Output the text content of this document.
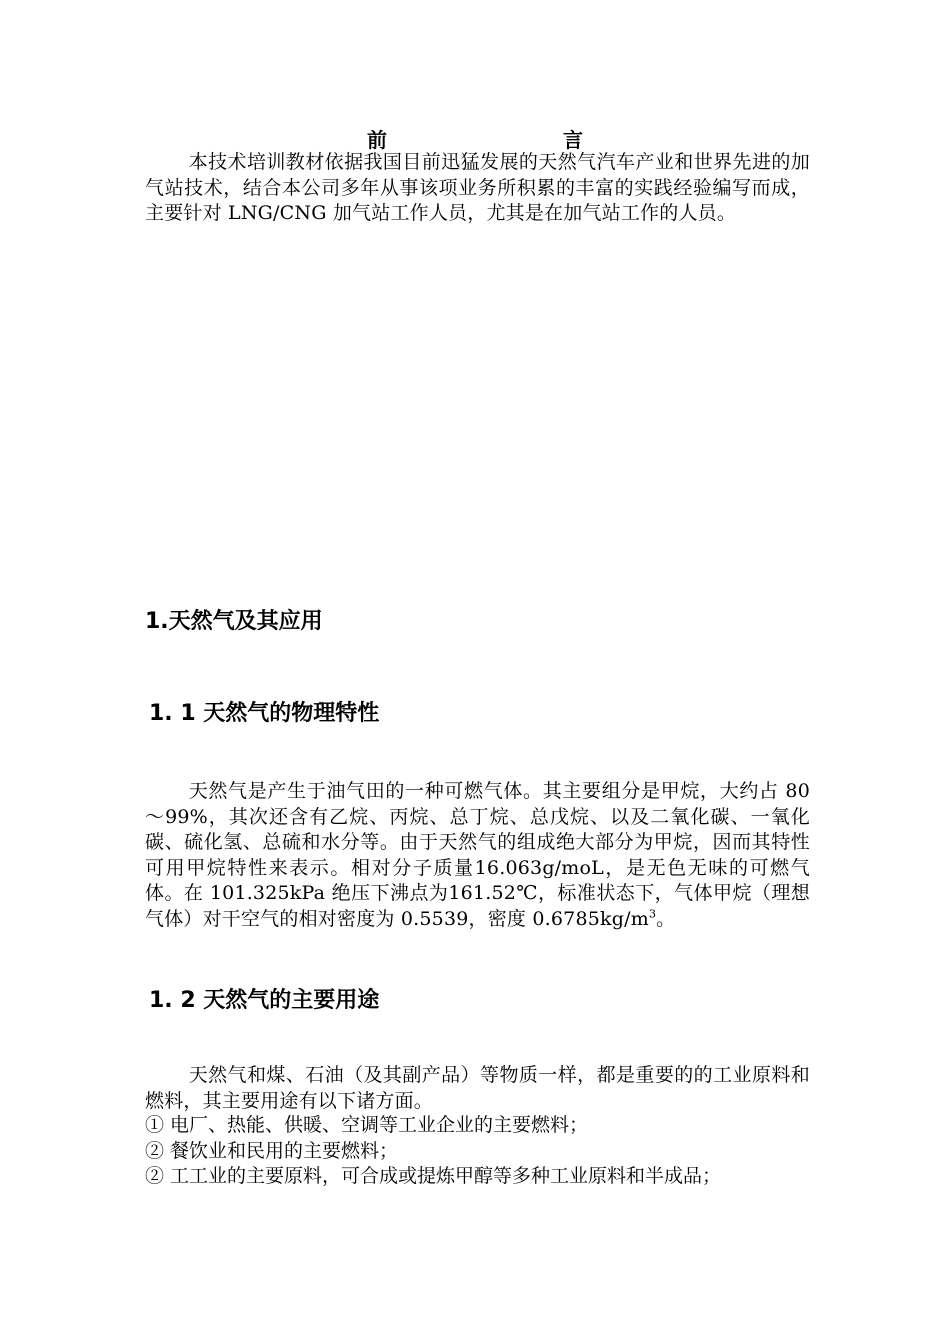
前	言

本技术培训教材依据我国目前迅猛发展的天然气汽车产业和世界先进的加气站技术，结合本公司多年从事该项业务所积累的丰富的实践经验编写而成，主要针对 LNG/CNG 加气站工作人员，尤其是在加气站工作的人员。

1.天然气及其应用
1. 1 天然气的物理特性

天然气是产生于油气田的一种可燃气体。其主要组分是甲烷，大约占 80～99%，其次还含有乙烷、丙烷、总丁烷、总戊烷、以及二氧化碳、一氧化碳、硫化氢、总硫和水分等。由于天然气的组成绝大部分为甲烷，因而其特性可用甲烷特性来表示。相对分子质量16.063g/moL，是无色无味的可燃气体。在 101.325kPa 绝压下沸点为161.52℃，标准状态下，气体甲烷（理想气体）对干空气的相对密度为 0.5539，密度 $0.6785kg/m^3$。

1. 2 天然气的主要用途

天然气和煤、石油（及其副产品）等物质一样，都是重要的的工业原料和燃料，其主要用途有以下诸方面。

① 电厂、热能、供暖、空调等工业企业的主要燃料；
② 餐饮业和民用的主要燃料；
② 工工业的主要原料，可合成或提炼甲醇等多种工业原料和半成品；
